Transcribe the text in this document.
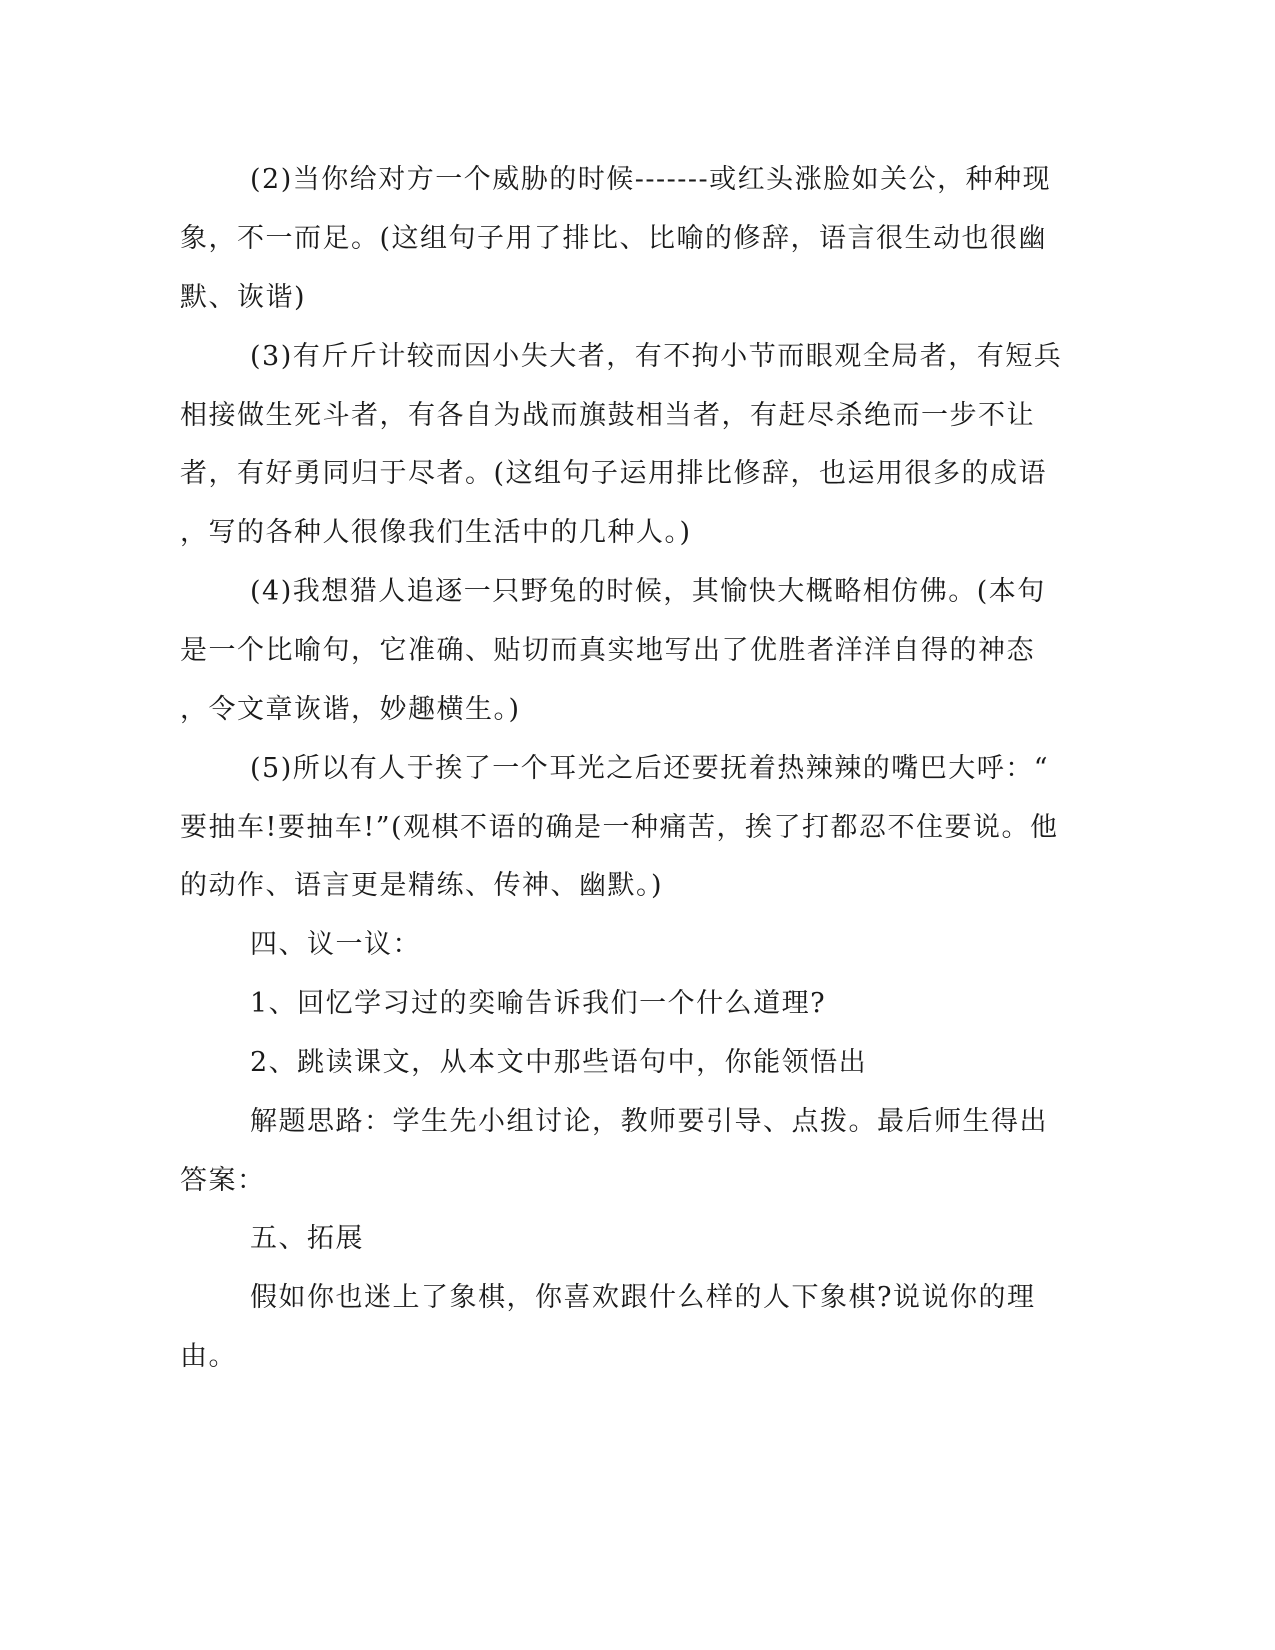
(2)当你给对方一个威胁的时候-------或红头涨脸如关公，种种现
象，不一而足。(这组句子用了排比、比喻的修辞，语言很生动也很幽
默、诙谐)
(3)有斤斤计较而因小失大者，有不拘小节而眼观全局者，有短兵
相接做生死斗者，有各自为战而旗鼓相当者，有赶尽杀绝而一步不让
者，有好勇同归于尽者。(这组句子运用排比修辞，也运用很多的成语
，写的各种人很像我们生活中的几种人。)
(4)我想猎人追逐一只野兔的时候，其愉快大概略相仿佛。(本句
是一个比喻句，它准确、贴切而真实地写出了优胜者洋洋自得的神态
，令文章诙谐，妙趣横生。)
(5)所以有人于挨了一个耳光之后还要抚着热辣辣的嘴巴大呼：“
要抽车!要抽车!”(观棋不语的确是一种痛苦，挨了打都忍不住要说。他
的动作、语言更是精练、传神、幽默。)
四、议一议：
1、回忆学习过的奕喻告诉我们一个什么道理?
2、跳读课文，从本文中那些语句中，你能领悟出
解题思路：学生先小组讨论，教师要引导、点拨。最后师生得出
答案：
五、拓展
假如你也迷上了象棋，你喜欢跟什么样的人下象棋?说说你的理
由。
